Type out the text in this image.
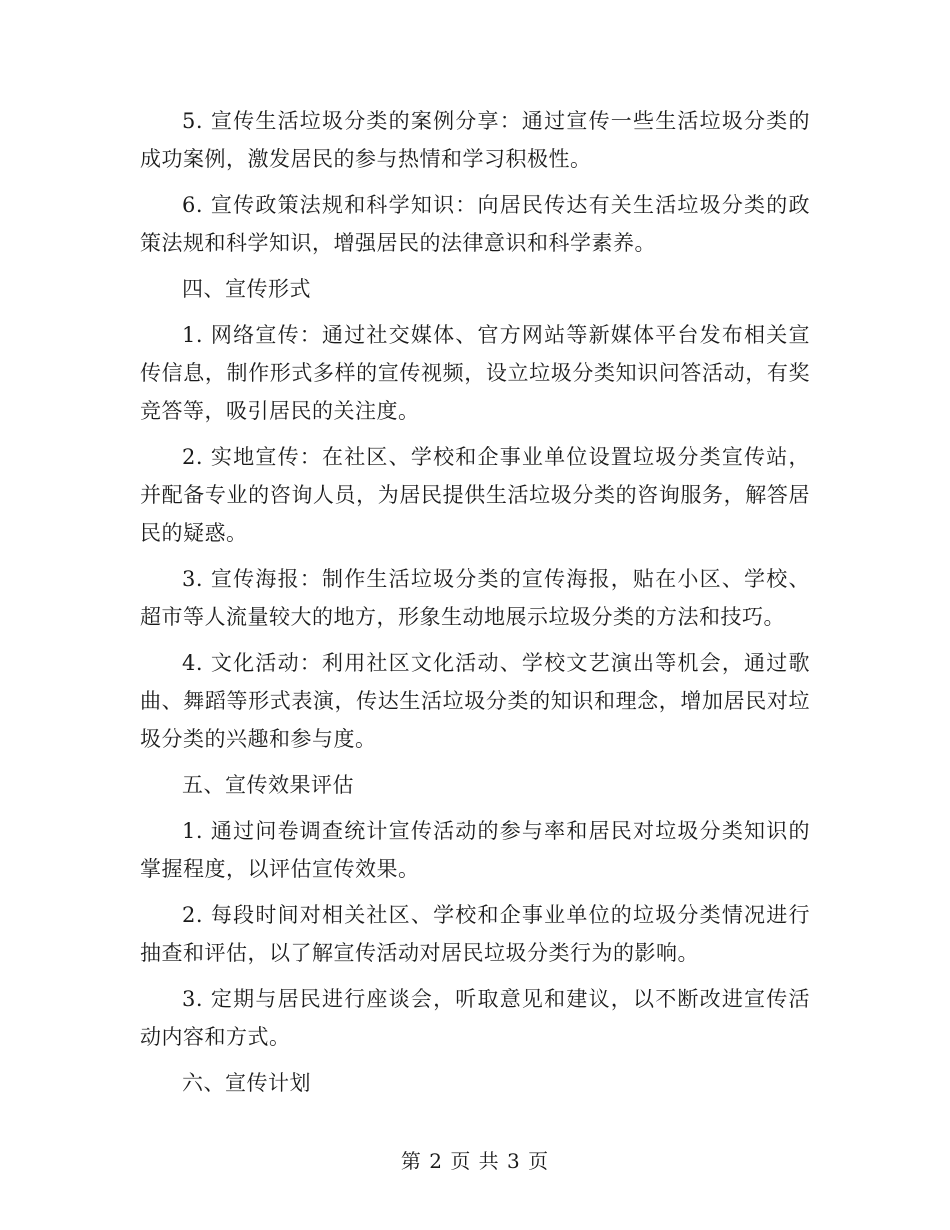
5. 宣传生活垃圾分类的案例分享：通过宣传一些生活垃圾分类的成功案例，激发居民的参与热情和学习积极性。

6. 宣传政策法规和科学知识：向居民传达有关生活垃圾分类的政策法规和科学知识，增强居民的法律意识和科学素养。

四、宣传形式

1. 网络宣传：通过社交媒体、官方网站等新媒体平台发布相关宣传信息，制作形式多样的宣传视频，设立垃圾分类知识问答活动，有奖竞答等，吸引居民的关注度。

2. 实地宣传：在社区、学校和企事业单位设置垃圾分类宣传站，并配备专业的咨询人员，为居民提供生活垃圾分类的咨询服务，解答居民的疑惑。

3. 宣传海报：制作生活垃圾分类的宣传海报，贴在小区、学校、超市等人流量较大的地方，形象生动地展示垃圾分类的方法和技巧。

4. 文化活动：利用社区文化活动、学校文艺演出等机会，通过歌曲、舞蹈等形式表演，传达生活垃圾分类的知识和理念，增加居民对垃圾分类的兴趣和参与度。

五、宣传效果评估

1. 通过问卷调查统计宣传活动的参与率和居民对垃圾分类知识的掌握程度，以评估宣传效果。

2. 每段时间对相关社区、学校和企事业单位的垃圾分类情况进行抽查和评估，以了解宣传活动对居民垃圾分类行为的影响。

3. 定期与居民进行座谈会，听取意见和建议，以不断改进宣传活动内容和方式。

六、宣传计划

第 2 页 共 3 页
